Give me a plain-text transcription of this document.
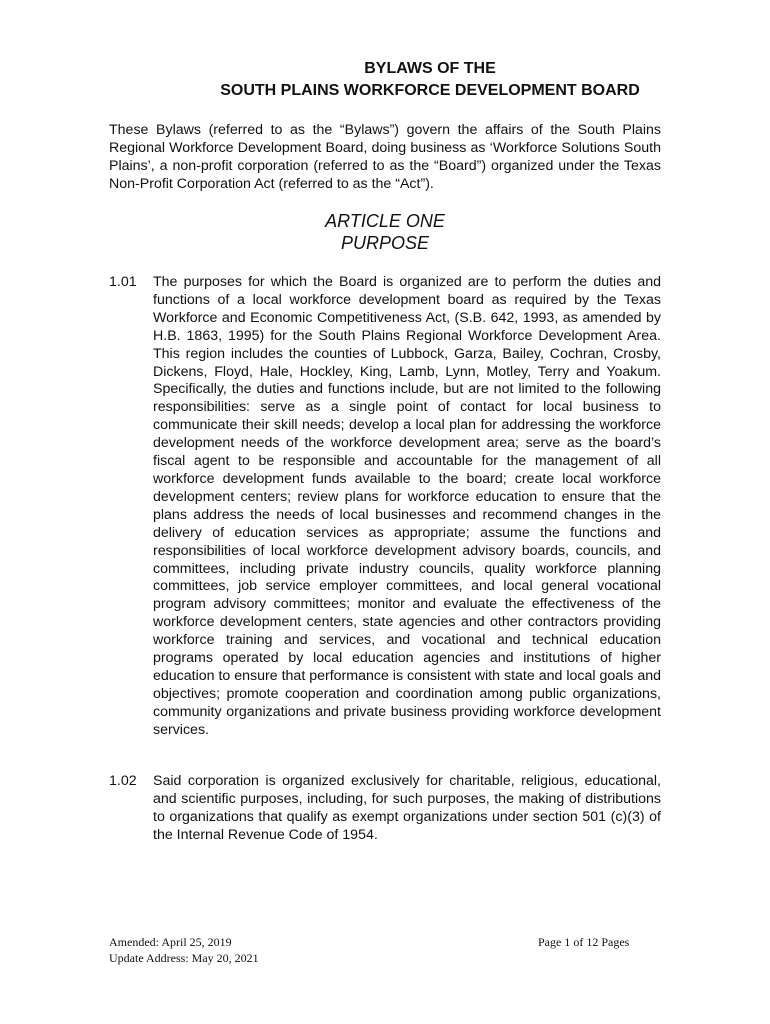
BYLAWS OF THE
SOUTH PLAINS WORKFORCE DEVELOPMENT BOARD
These Bylaws (referred to as the “Bylaws”) govern the affairs of the South Plains Regional Workforce Development Board, doing business as ‘Workforce Solutions South Plains’, a non-profit corporation (referred to as the “Board”) organized under the Texas Non-Profit Corporation Act (referred to as the “Act”).
ARTICLE ONE
PURPOSE
1.01 The purposes for which the Board is organized are to perform the duties and functions of a local workforce development board as required by the Texas Workforce and Economic Competitiveness Act, (S.B. 642, 1993, as amended by H.B. 1863, 1995) for the South Plains Regional Workforce Development Area. This region includes the counties of Lubbock, Garza, Bailey, Cochran, Crosby, Dickens, Floyd, Hale, Hockley, King, Lamb, Lynn, Motley, Terry and Yoakum. Specifically, the duties and functions include, but are not limited to the following responsibilities: serve as a single point of contact for local business to communicate their skill needs; develop a local plan for addressing the workforce development needs of the workforce development area; serve as the board’s fiscal agent to be responsible and accountable for the management of all workforce development funds available to the board; create local workforce development centers; review plans for workforce education to ensure that the plans address the needs of local businesses and recommend changes in the delivery of education services as appropriate; assume the functions and responsibilities of local workforce development advisory boards, councils, and committees, including private industry councils, quality workforce planning committees, job service employer committees, and local general vocational program advisory committees; monitor and evaluate the effectiveness of the workforce development centers, state agencies and other contractors providing workforce training and services, and vocational and technical education programs operated by local education agencies and institutions of higher education to ensure that performance is consistent with state and local goals and objectives; promote cooperation and coordination among public organizations, community organizations and private business providing workforce development services.
1.02 Said corporation is organized exclusively for charitable, religious, educational, and scientific purposes, including, for such purposes, the making of distributions to organizations that qualify as exempt organizations under section 501 (c)(3) of the Internal Revenue Code of 1954.
Amended: April 25, 2019
Update Address: May 20, 2021
Page 1 of 12 Pages
